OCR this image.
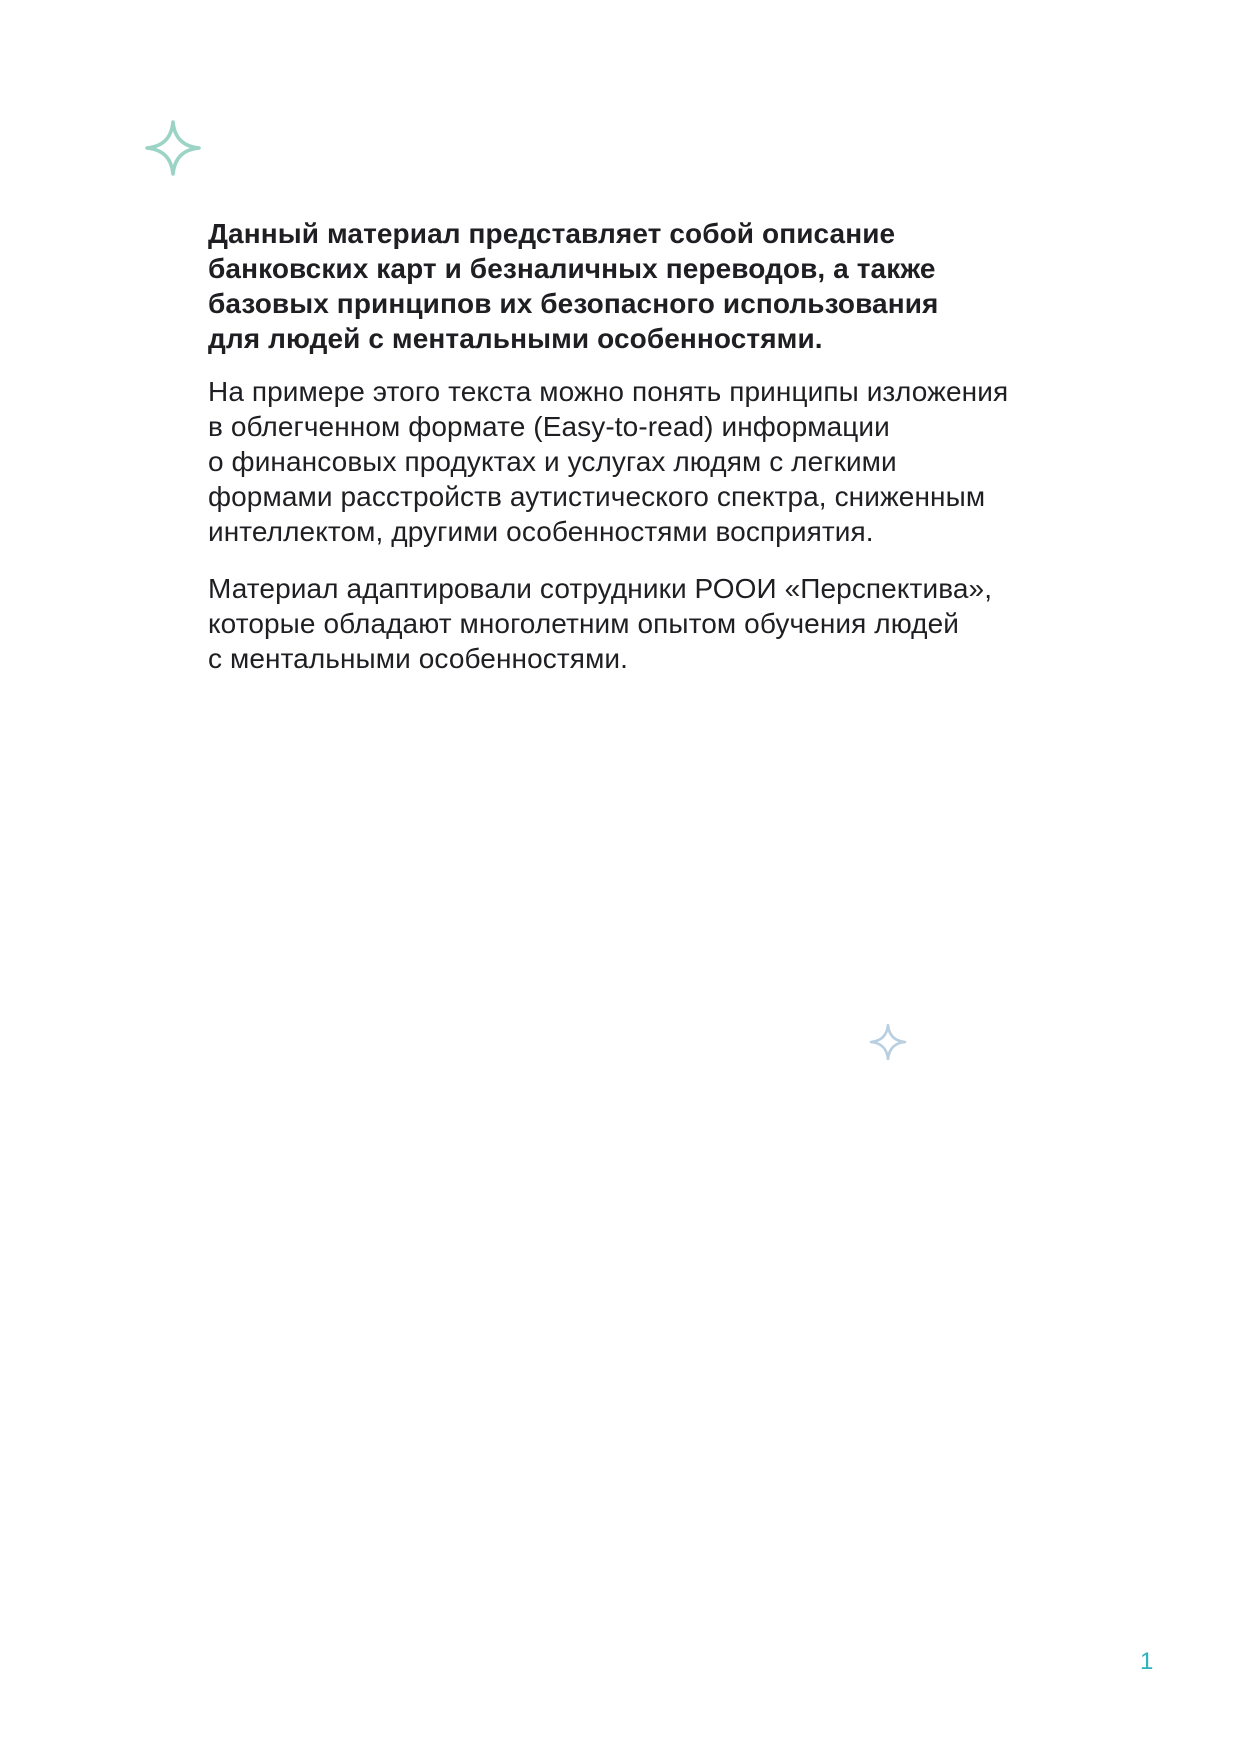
Данный материал представляет собой описание
банковских карт и безналичных переводов, а также
базовых принципов их безопасного использования
для людей с ментальными особенностями.

На примере этого текста можно понять принципы изложения
в облегченном формате (Easy-to-read) информации
о финансовых продуктах и услугах людям с легкими
формами расстройств аутистического спектра, сниженным
интеллектом, другими особенностями восприятия.

Материал адаптировали сотрудники РООИ «Перспектива»,
которые обладают многолетним опытом обучения людей
с ментальными особенностями.

1
